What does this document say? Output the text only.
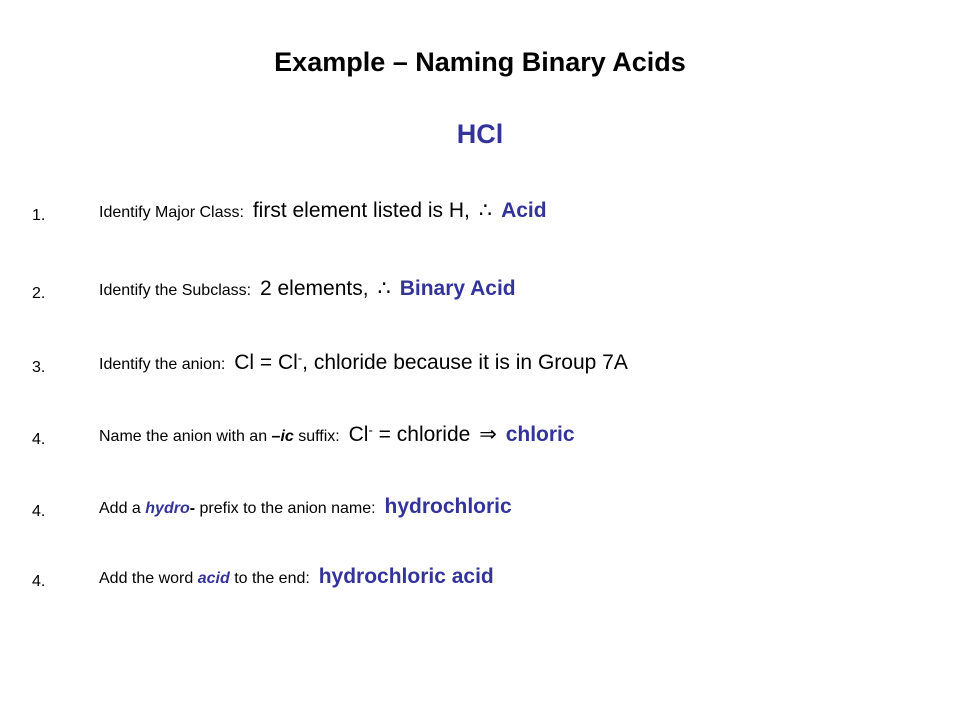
Example – Naming Binary Acids
HCl
1.	Identify Major Class: first element listed is H, ∴ Acid
2.	Identify the Subclass: 2 elements, ∴ Binary Acid
3.	Identify the anion: Cl = Cl-, chloride because it is in Group 7A
4.	Name the anion with an –ic suffix: Cl- = chloride ⇒ chloric
4.	Add a hydro- prefix to the anion name: hydrochloric
4.	Add the word acid to the end: hydrochloric acid
